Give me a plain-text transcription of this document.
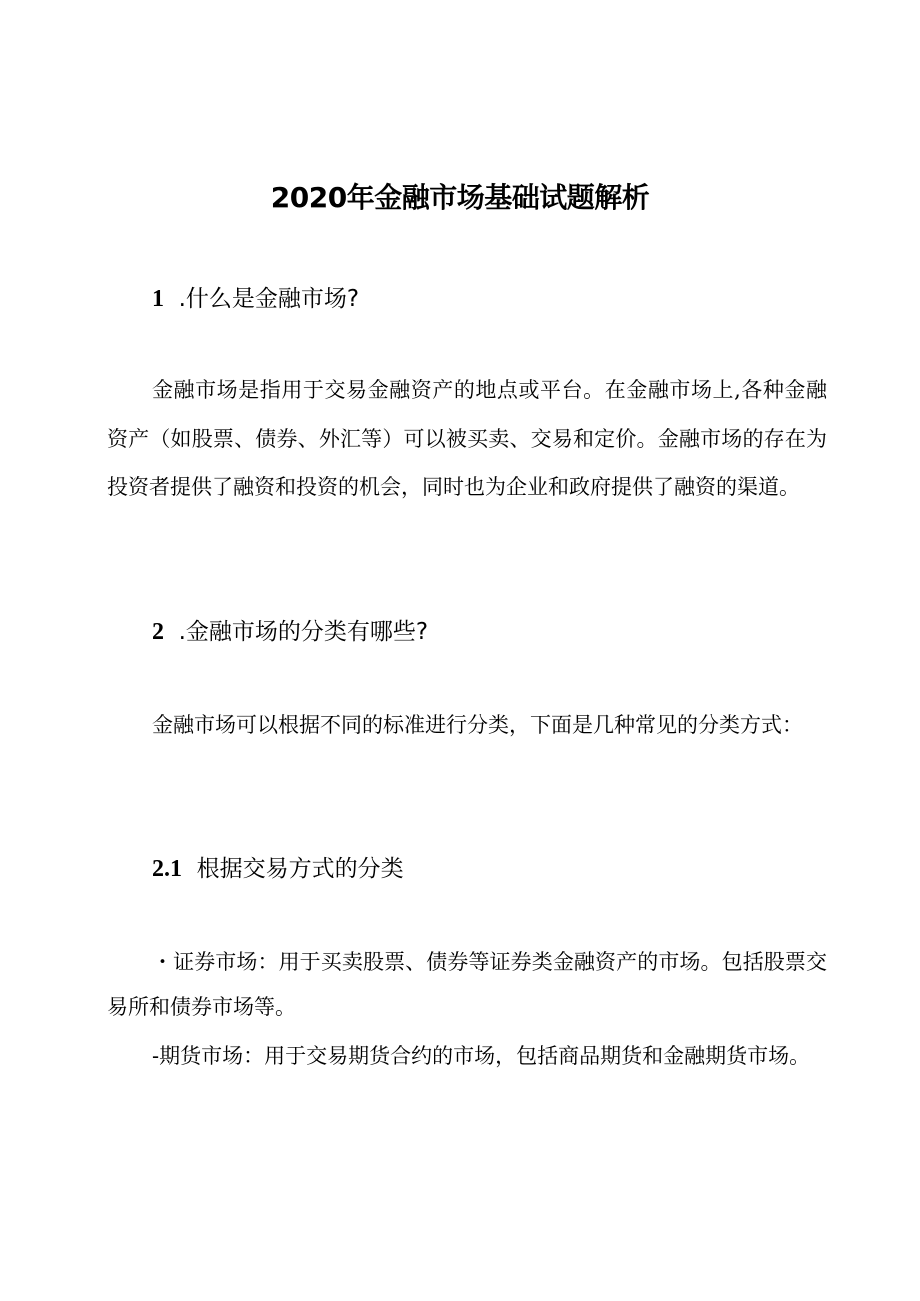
2020年金融市场基础试题解析
1 .什么是金融市场?

金融市场是指用于交易金融资产的地点或平台。在金融市场上,各种金融资产（如股票、债券、外汇等）可以被买卖、交易和定价。金融市场的存在为投资者提供了融资和投资的机会，同时也为企业和政府提供了融资的渠道。

2 .金融市场的分类有哪些?

金融市场可以根据不同的标准进行分类，下面是几种常见的分类方式：

2.1 根据交易方式的分类

・证券市场：用于买卖股票、债券等证券类金融资产的市场。包括股票交易所和债券市场等。

-期货市场：用于交易期货合约的市场，包括商品期货和金融期货市场。
